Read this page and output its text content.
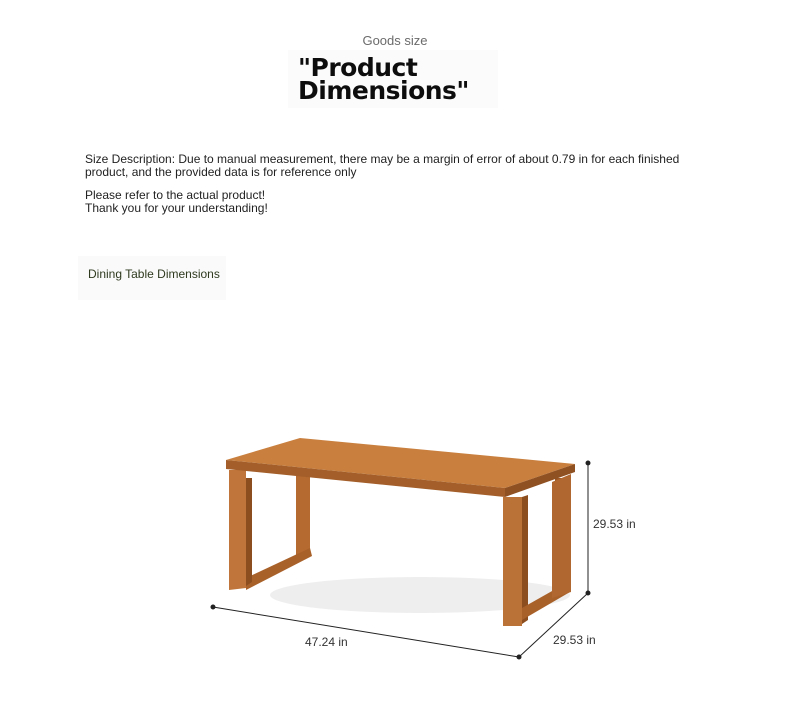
Goods size
"Product
Dimensions"

Size Description: Due to manual measurement, there may be a margin of error of about 0.79 in for each finished product, and the provided data is for reference only

Please refer to the actual product!
Thank you for your understanding!
Dining Table Dimensions
47.24 in	29.53 in
29.53 in
